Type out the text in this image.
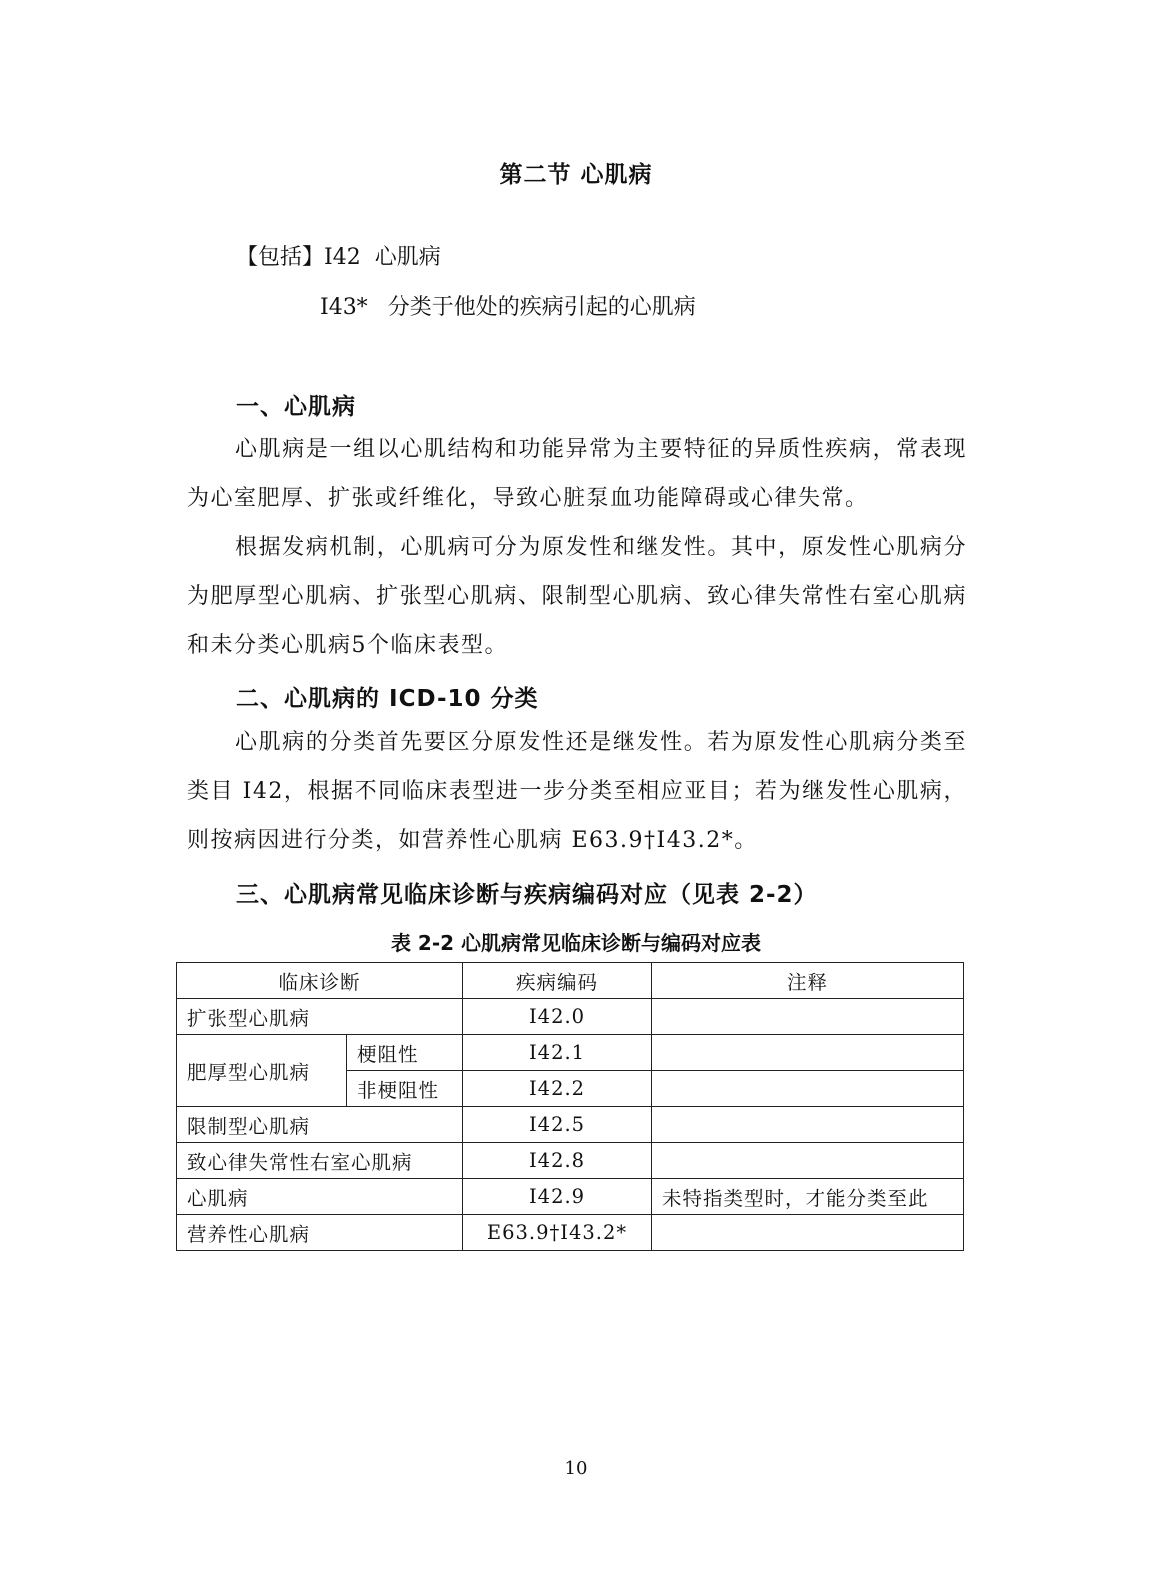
第二节 心肌病
【包括】I42 心肌病
I43* 分类于他处的疾病引起的心肌病
一、心肌病

心肌病是一组以心肌结构和功能异常为主要特征的异质性疾病，常表现为心室肥厚、扩张或纤维化，导致心脏泵血功能障碍或心律失常。

根据发病机制，心肌病可分为原发性和继发性。其中，原发性心肌病分为肥厚型心肌病、扩张型心肌病、限制型心肌病、致心律失常性右室心肌病和未分类心肌病5个临床表型。

二、心肌病的 ICD-10 分类

心肌病的分类首先要区分原发性还是继发性。若为原发性心肌病分类至类目 I42，根据不同临床表型进一步分类至相应亚目；若为继发性心肌病，则按病因进行分类，如营养性心肌病 E63.9†I43.2*。

三、心肌病常见临床诊断与疾病编码对应（见表 2-2）
表 2-2 心肌病常见临床诊断与编码对应表
临床诊断		疾病编码	注释
扩张型心肌病		I42.0	
肥厚型心肌病	梗阻性	I42.1	
	非梗阻性	I42.2	
限制型心肌病		I42.5	
致心律失常性右室心肌病		I42.8	
心肌病		I42.9	未特指类型时，才能分类至此
营养性心肌病		E63.9†I43.2*	
10
